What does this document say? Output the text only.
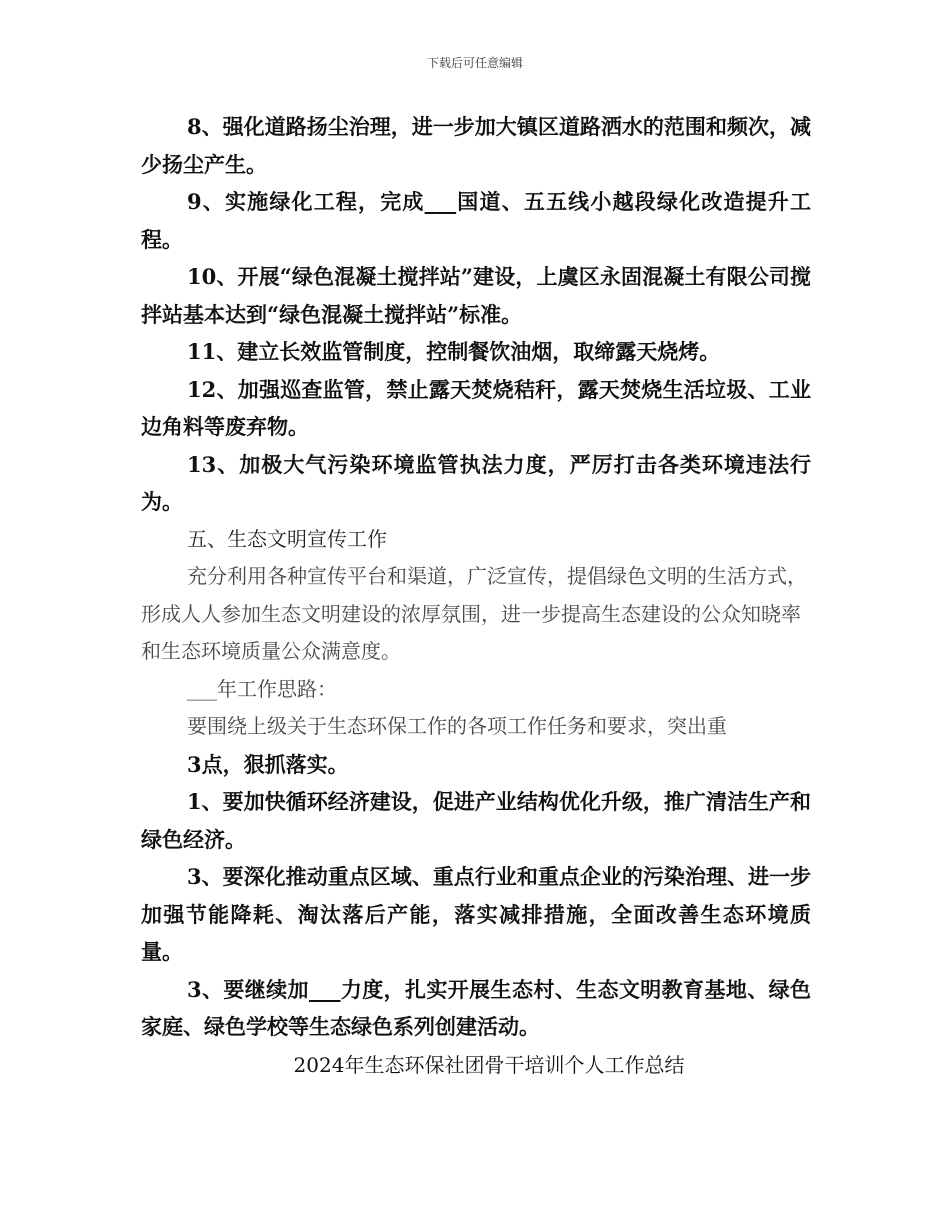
下载后可任意编辑

8、强化道路扬尘治理，进一步加大镇区道路洒水的范围和频次，减少扬尘产生。

9、实施绿化工程，完成___国道、五五线小越段绿化改造提升工程。

10、开展“绿色混凝土搅拌站”建设，上虞区永固混凝土有限公司搅拌站基本达到“绿色混凝土搅拌站”标准。

11、建立长效监管制度，控制餐饮油烟，取缔露天烧烤。

12、加强巡查监管，禁止露天焚烧秸秆，露天焚烧生活垃圾、工业边角料等废弃物。

13、加极大气污染环境监管执法力度，严厉打击各类环境违法行为。

五、生态文明宣传工作

充分利用各种宣传平台和渠道，广泛宣传，提倡绿色文明的生活方式，形成人人参加生态文明建设的浓厚氛围，进一步提高生态建设的公众知晓率和生态环境质量公众满意度。

___年工作思路：

要围绕上级关于生态环保工作的各项工作任务和要求，突出重

3点，狠抓落实。

1、要加快循环经济建设，促进产业结构优化升级，推广清洁生产和绿色经济。

3、要深化推动重点区域、重点行业和重点企业的污染治理、进一步加强节能降耗、淘汰落后产能，落实减排措施，全面改善生态环境质量。

3、要继续加___力度，扎实开展生态村、生态文明教育基地、绿色家庭、绿色学校等生态绿色系列创建活动。

2024年生态环保社团骨干培训个人工作总结
